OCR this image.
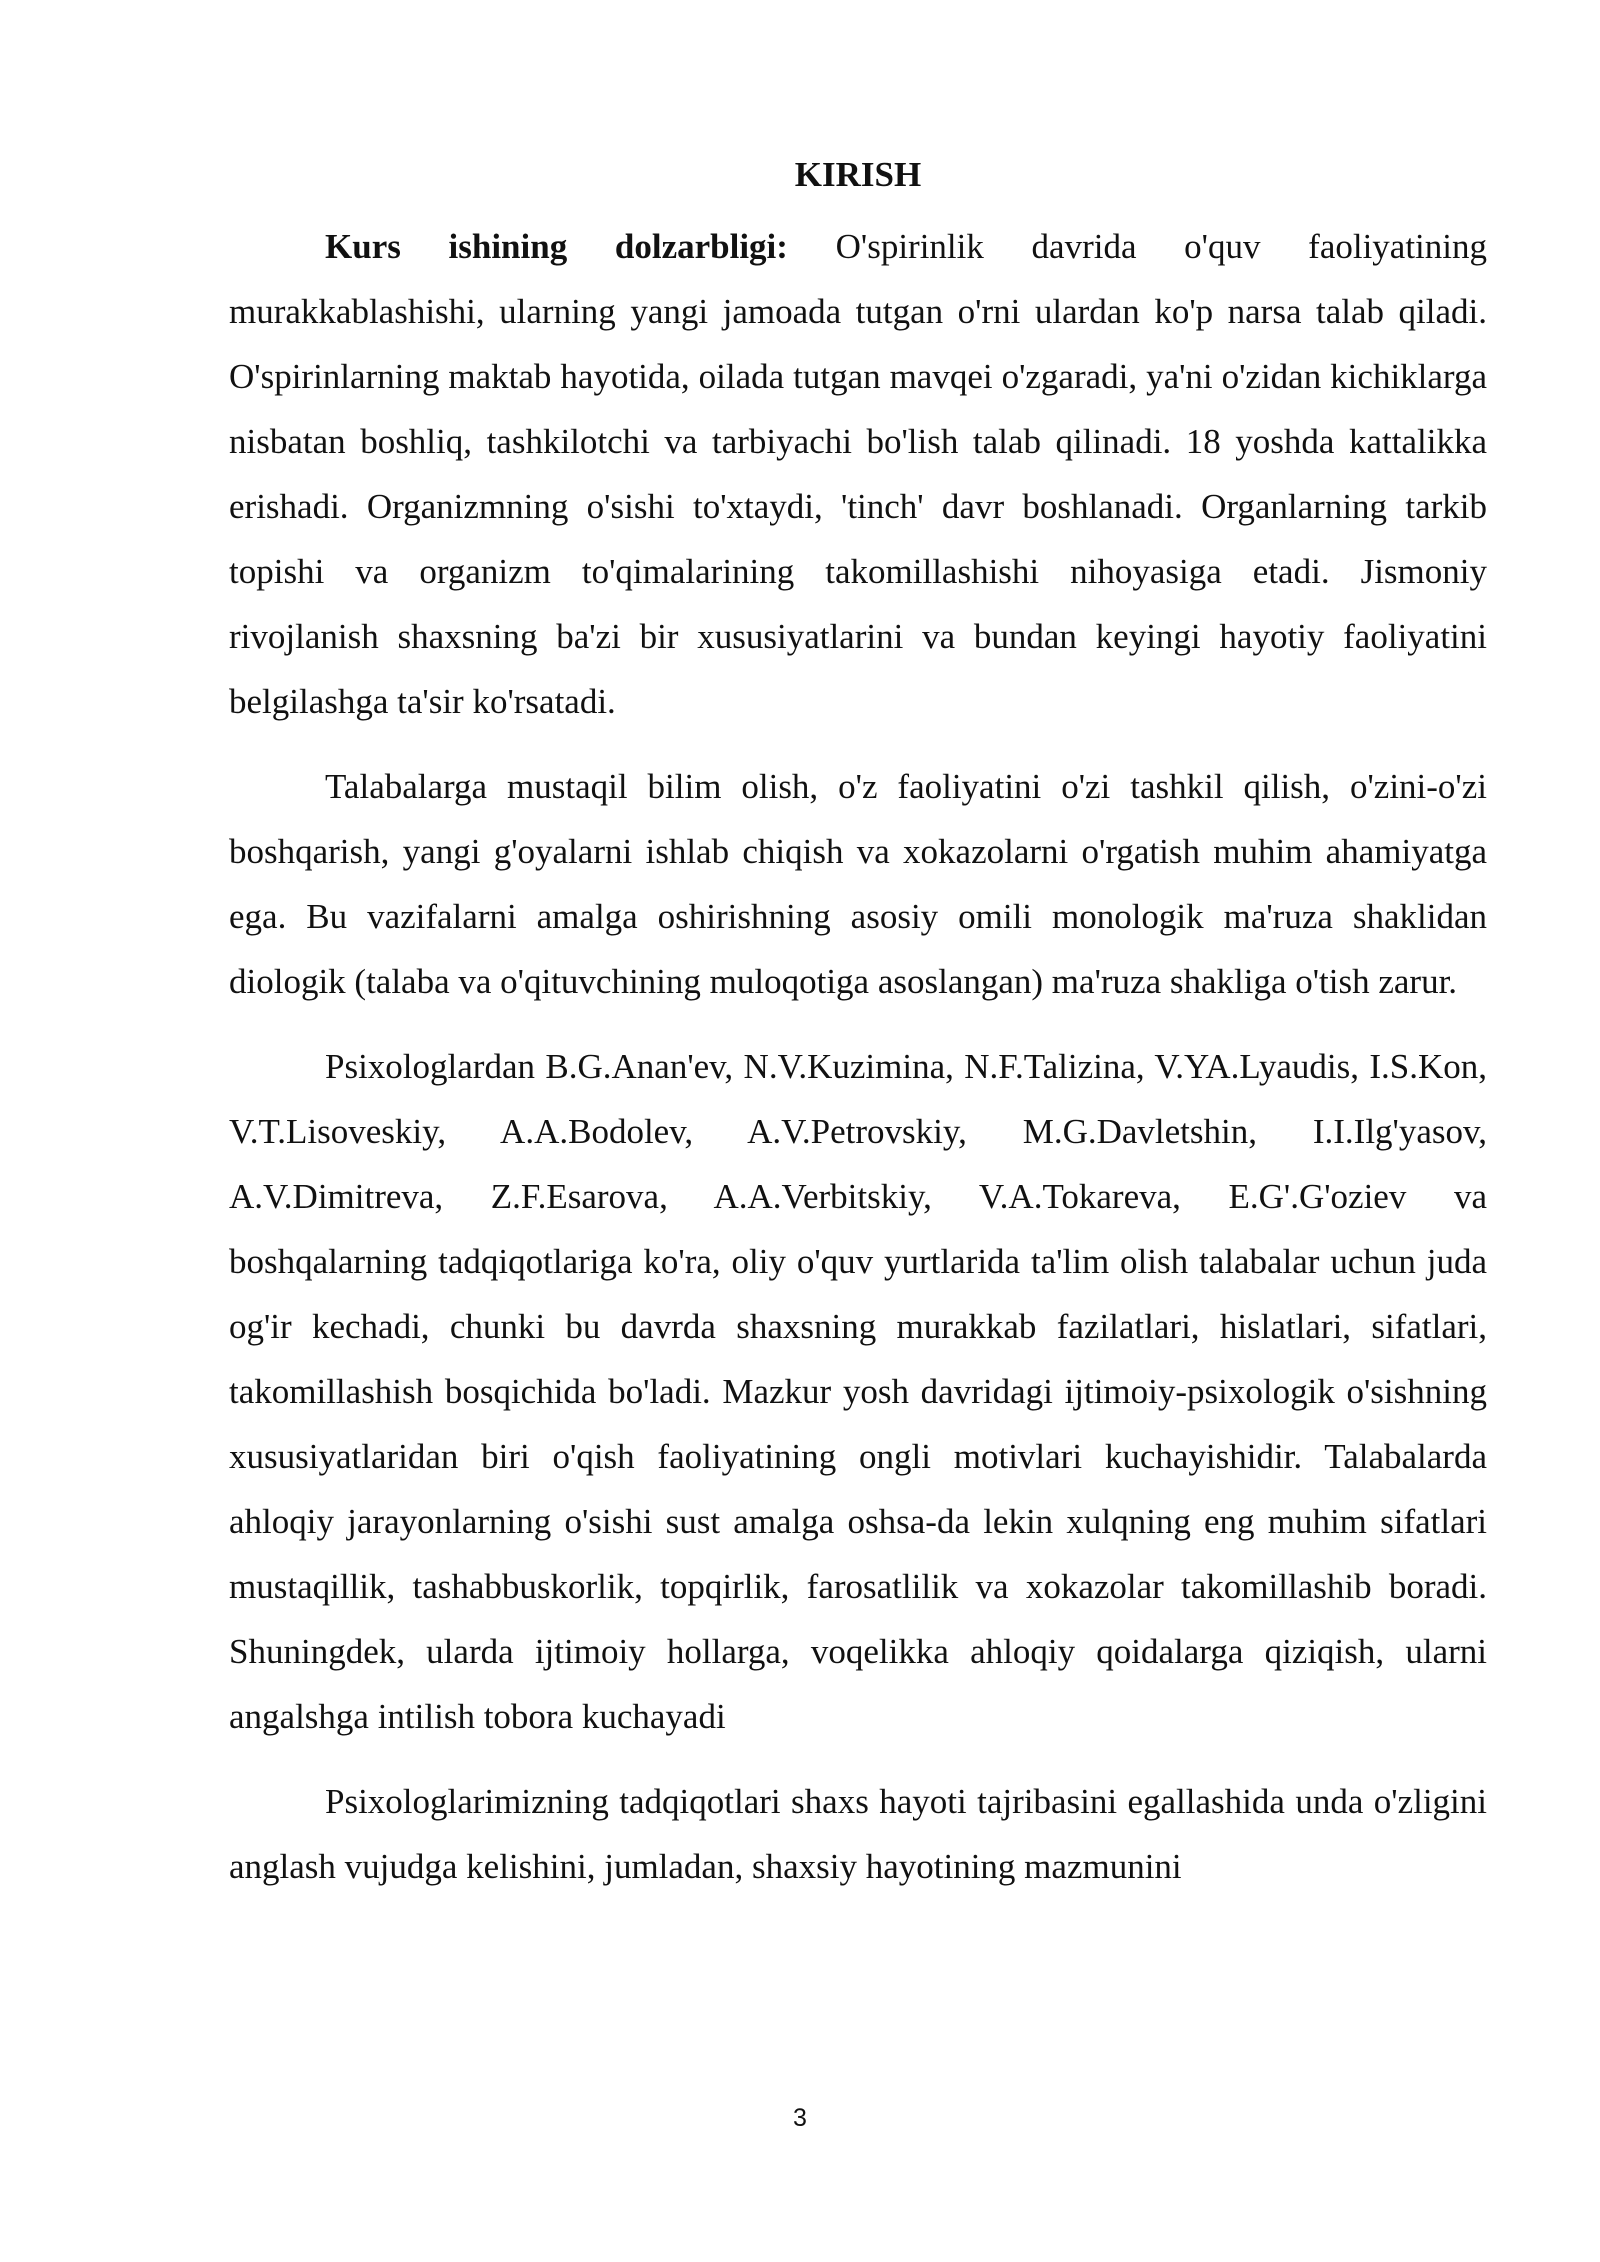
KIRISH

Kurs ishining dolzarbligi: O'spirinlik davrida o'quv faoliyatining murakkablashishi, ularning yangi jamoada tutgan o'rni ulardan ko'p narsa talab qiladi. O'spirinlarning maktab hayotida, oilada tutgan mavqei o'zgaradi, ya'ni o'zidan kichiklarga nisbatan boshliq, tashkilotchi va tarbiyachi bo'lish talab qilinadi. 18 yoshda kattalikka erishadi. Organizmning o'sishi to'xtaydi, 'tinch' davr boshlanadi. Organlarning tarkib topishi va organizm to'qimalarining takomillashishi nihoyasiga etadi. Jismoniy rivojlanish shaxsning ba'zi bir xususiyatlarini va bundan keyingi hayotiy faoliyatini belgilashga ta'sir ko'rsatadi.

Talabalarga mustaqil bilim olish, o'z faoliyatini o'zi tashkil qilish, o'zini-o'zi boshqarish, yangi g'oyalarni ishlab chiqish va xokazolarni o'rgatish muhim ahamiyatga ega. Bu vazifalarni amalga oshirishning asosiy omili monologik ma'ruza shaklidan diologik (talaba va o'qituvchining muloqotiga asoslangan) ma'ruza shakliga o'tish zarur.

Psixologlardan B.G.Anan'ev, N.V.Kuzimina, N.F.Talizina, V.YA.Lyaudis, I.S.Kon, V.T.Lisoveskiy, A.A.Bodolev, A.V.Petrovskiy, M.G.Davletshin, I.I.Ilg'yasov, A.V.Dimitreva, Z.F.Esarova, A.A.Verbitskiy, V.A.Tokareva, E.G'.G'oziev va boshqalarning tadqiqotlariga ko'ra, oliy o'quv yurtlarida ta'lim olish talabalar uchun juda og'ir kechadi, chunki bu davrda shaxsning murakkab fazilatlari, hislatlari, sifatlari, takomillashish bosqichida bo'ladi. Mazkur yosh davridagi ijtimoiy-psixologik o'sishning xususiyatlaridan biri o'qish faoliyatining ongli motivlari kuchayishidir. Talabalarda ahloqiy jarayonlarning o'sishi sust amalga oshsa-da lekin xulqning eng muhim sifatlari mustaqillik, tashabbuskorlik, topqirlik, farosatlilik va xokazolar takomillashib boradi. Shuningdek, ularda ijtimoiy hollarga, voqelikka ahloqiy qoidalarga qiziqish, ularni angalshga intilish tobora kuchayadi

Psixologlarimizning tadqiqotlari shaxs hayoti tajribasini egallashida unda o'zligini anglash vujudga kelishini, jumladan, shaxsiy hayotining mazmunini

3
